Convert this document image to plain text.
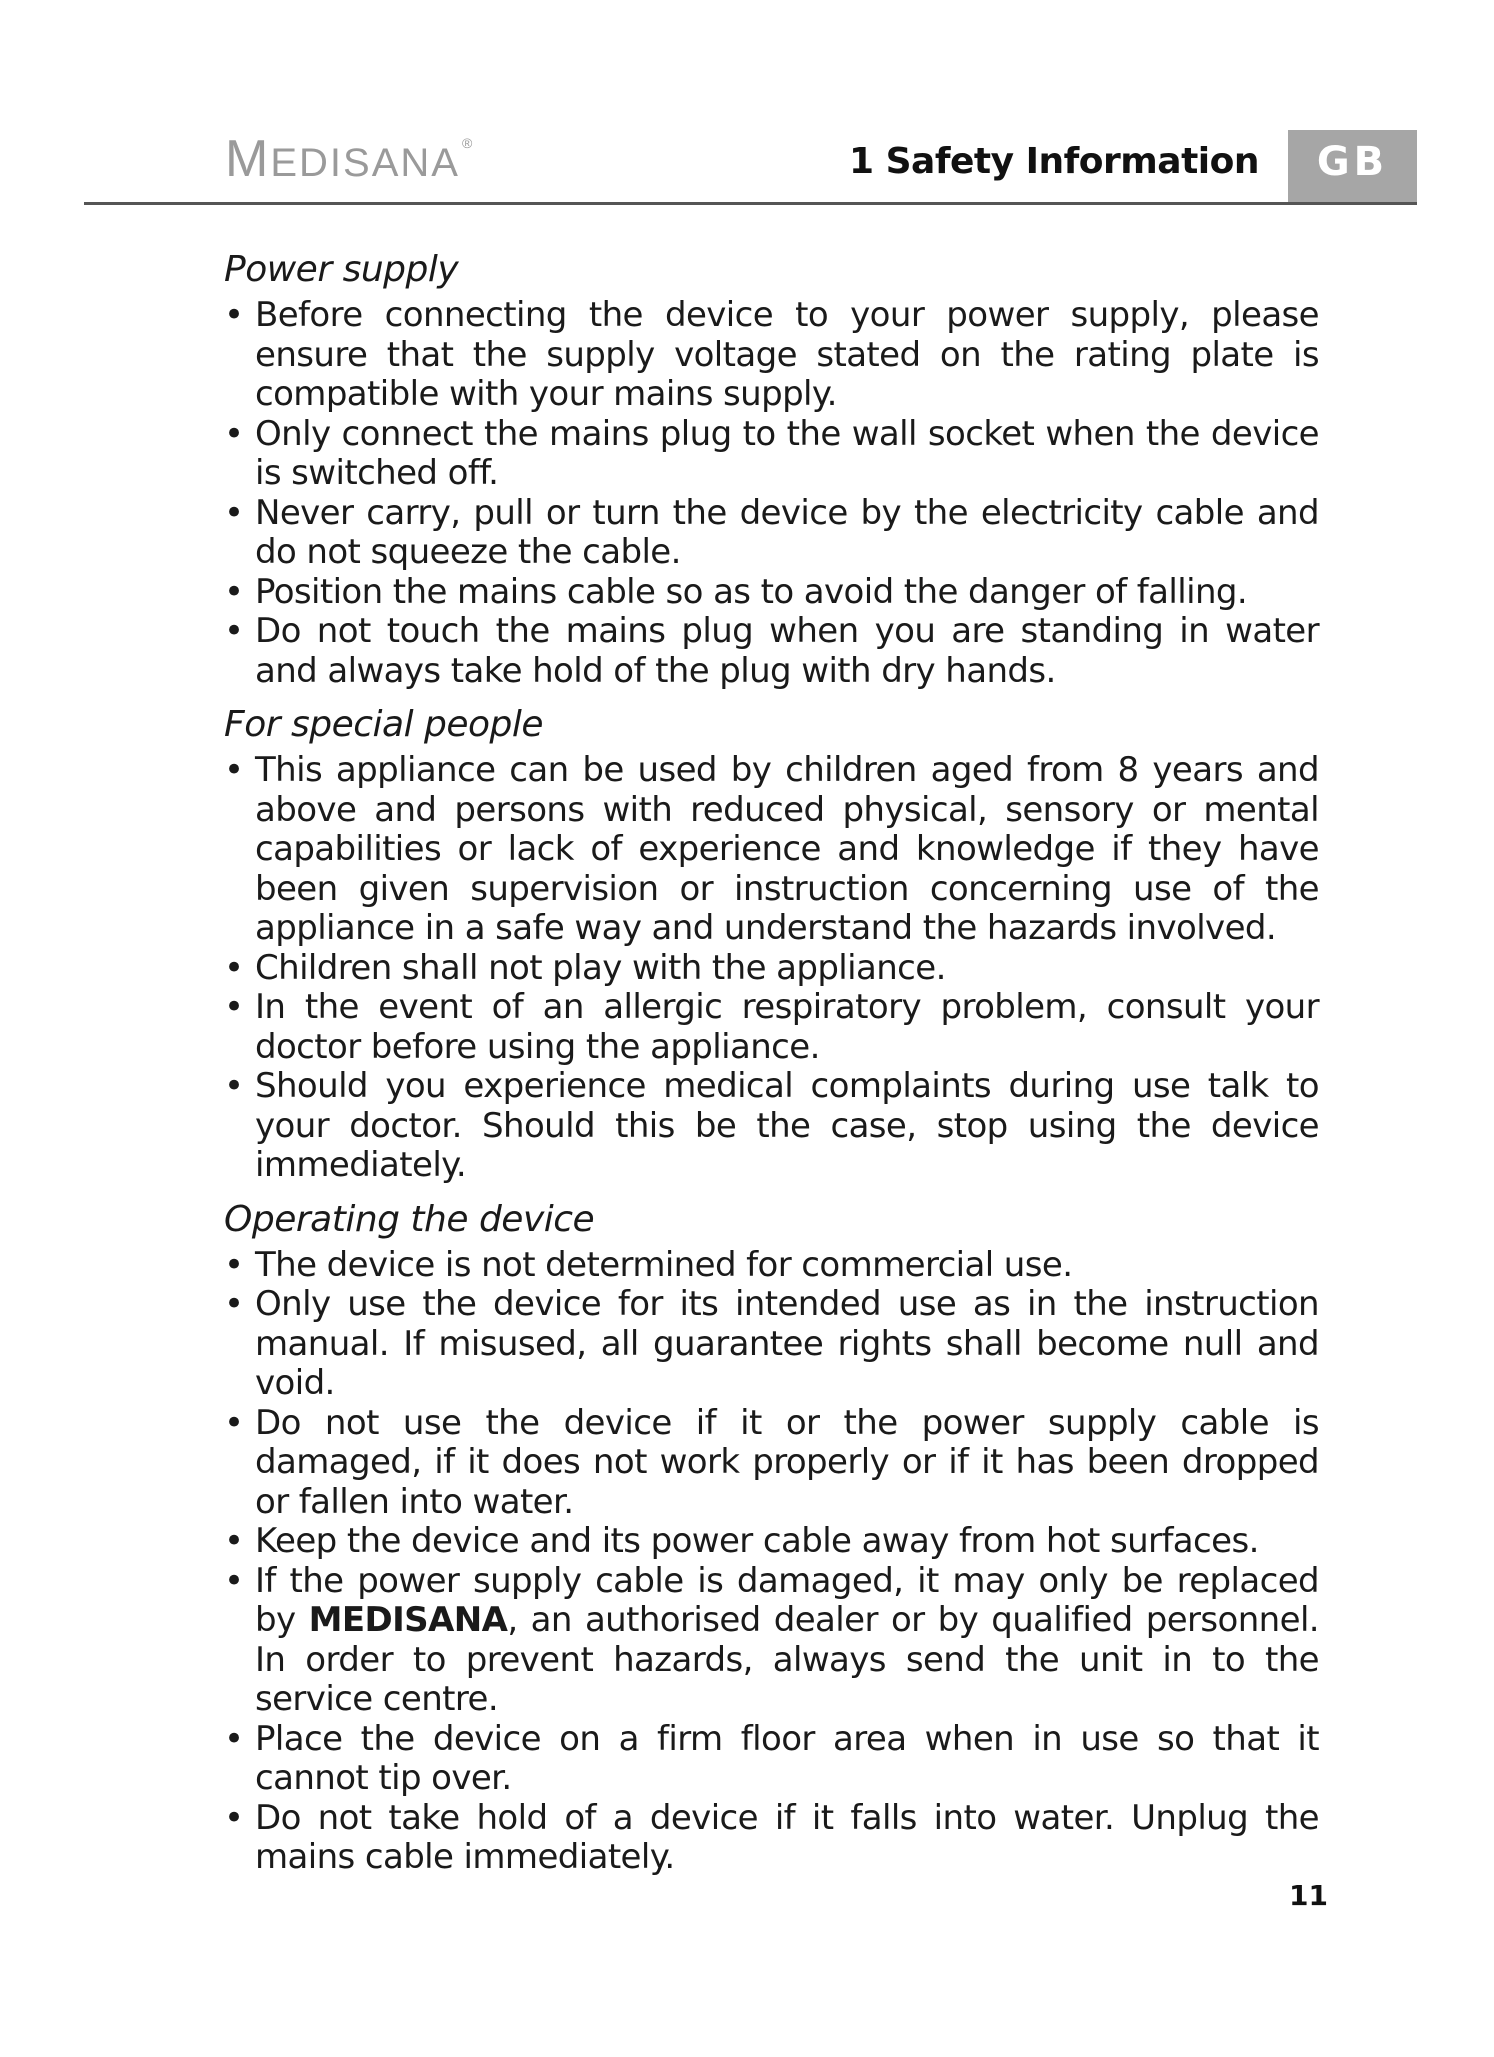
MEDISANA ®	1 Safety Information	GB
Power supply
• Before connecting the device to your power supply, please ensure that the supply voltage stated on the rating plate is compatible with your mains supply.
• Only connect the mains plug to the wall socket when the device is switched off.
• Never carry, pull or turn the device by the electricity cable and do not squeeze the cable.
• Position the mains cable so as to avoid the danger of falling.
• Do not touch the mains plug when you are standing in water and always take hold of the plug with dry hands.
For special people
• This appliance can be used by children aged from 8 years and above and persons with reduced physical, sensory or mental capabilities or lack of experience and knowledge if they have been given supervision or instruction concerning use of the appliance in a safe way and understand the hazards involved.
• Children shall not play with the appliance.
• In the event of an allergic respiratory problem, consult your doctor before using the appliance.
• Should you experience medical complaints during use talk to your doctor. Should this be the case, stop using the device immediately.
Operating the device
• The device is not determined for commercial use.
• Only use the device for its intended use as in the instruction manual. If misused, all guarantee rights shall become null and void.
• Do not use the device if it or the power supply cable is damaged, if it does not work properly or if it has been dropped or fallen into water.
• Keep the device and its power cable away from hot surfaces.
• If the power supply cable is damaged, it may only be replaced by MEDISANA, an authorised dealer or by qualified personnel. In order to prevent hazards, always send the unit in to the service centre.
• Place the device on a firm floor area when in use so that it cannot tip over.
• Do not take hold of a device if it falls into water. Unplug the mains cable immediately.
11
